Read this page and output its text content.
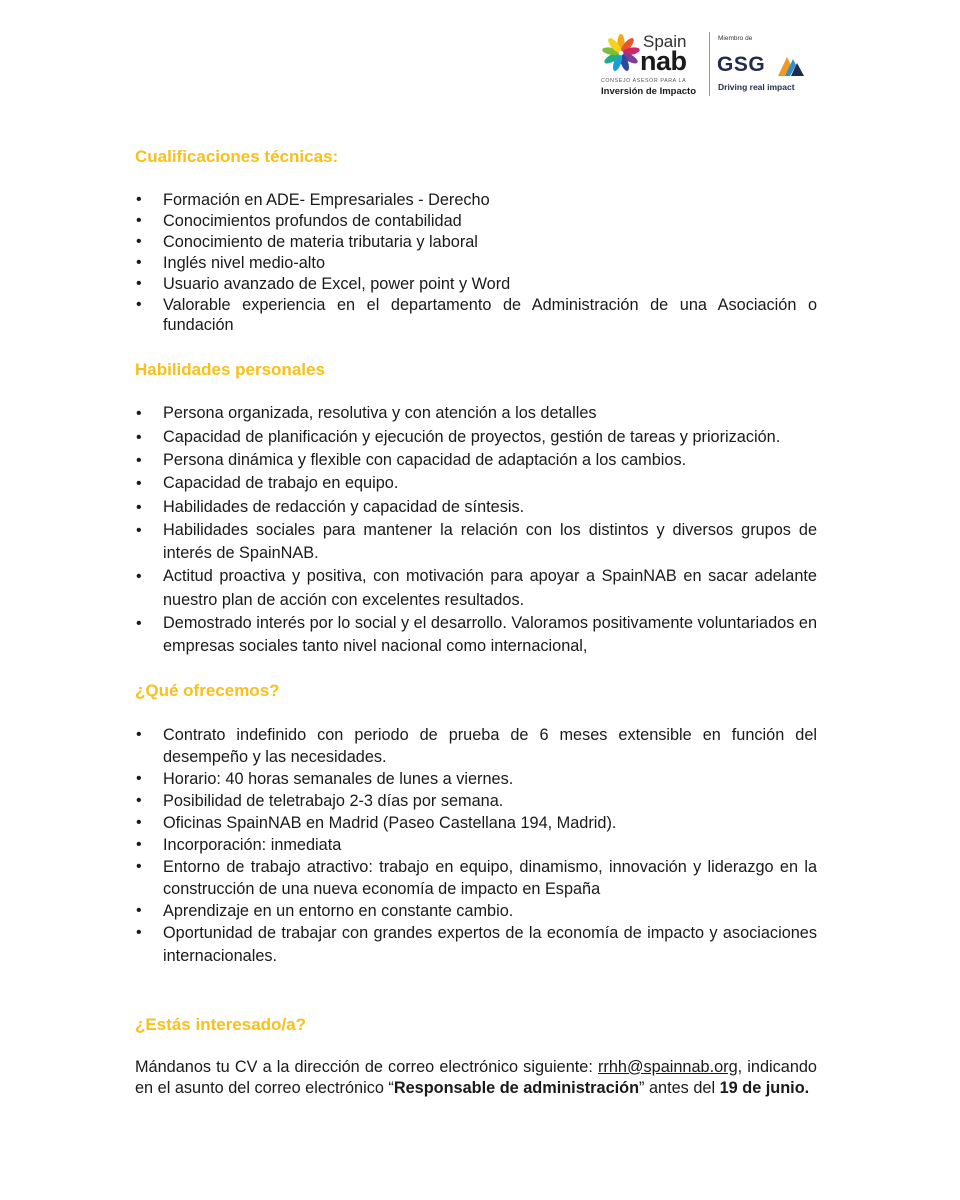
Spain
nab
CONSEJO ASESOR PARA LA
Inversión de Impacto
Miembro de
GSG
Driving real impact
Cualificaciones técnicas:
• Formación en ADE- Empresariales - Derecho
• Conocimientos profundos de contabilidad
• Conocimiento de materia tributaria y laboral
• Inglés nivel medio-alto
• Usuario avanzado de Excel, power point y Word
• Valorable experiencia en el departamento de Administración de una Asociación o fundación
Habilidades personales
• Persona organizada, resolutiva y con atención a los detalles
• Capacidad de planificación y ejecución de proyectos, gestión de tareas y priorización.
• Persona dinámica y flexible con capacidad de adaptación a los cambios.
• Capacidad de trabajo en equipo.
• Habilidades de redacción y capacidad de síntesis.
• Habilidades sociales para mantener la relación con los distintos y diversos grupos de interés de SpainNAB.
• Actitud proactiva y positiva, con motivación para apoyar a SpainNAB en sacar adelante nuestro plan de acción con excelentes resultados.
• Demostrado interés por lo social y el desarrollo. Valoramos positivamente voluntariados en empresas sociales tanto nivel nacional como internacional,
¿Qué ofrecemos?
• Contrato indefinido con periodo de prueba de 6 meses extensible en función del desempeño y las necesidades.
• Horario: 40 horas semanales de lunes a viernes.
• Posibilidad de teletrabajo 2-3 días por semana.
• Oficinas SpainNAB en Madrid (Paseo Castellana 194, Madrid).
• Incorporación: inmediata
• Entorno de trabajo atractivo: trabajo en equipo, dinamismo, innovación y liderazgo en la construcción de una nueva economía de impacto en España
• Aprendizaje en un entorno en constante cambio.
• Oportunidad de trabajar con grandes expertos de la economía de impacto y asociaciones internacionales.
¿Estás interesado/a?

Mándanos tu CV a la dirección de correo electrónico siguiente: rrhh@spainnab.org, indicando en el asunto del correo electrónico “Responsable de administración” antes del 19 de junio.
